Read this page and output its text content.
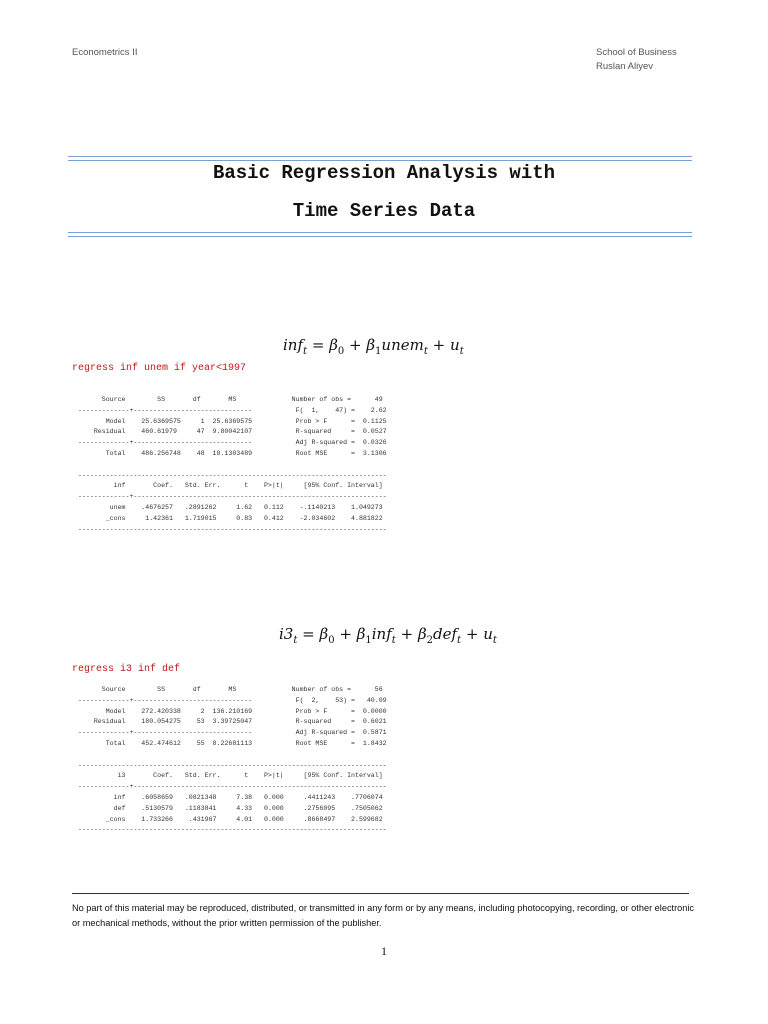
Econometrics II	School of Business
Ruslan Aliyev
Basic Regression Analysis with
Time Series Data
$inf_t = \beta_0$ + $\beta_1unem_t + u_t$
regress inf unem if year<1997
Source        SS       df       MS              Number of obs =      49
-------------+------------------------------           F(  1,    47) =    2.62
Model    25.6369575     1  25.6369575           Prob > F      =  0.1125
Residual    460.61979     47  9.80042107           R-squared     =  0.0527
-------------+------------------------------           Adj R-squared =  0.0326
Total    486.256748    48  10.1303489           Root MSE      =  3.1306

------------------------------------------------------------------------------
inf       Coef.   Std. Err.      t    P>|t|     [95% Conf. Interval]
-------------+----------------------------------------------------------------
unem    .4676257   .2891262     1.62   0.112    -.1140213    1.049273
_cons     1.42361   1.719015     0.83   0.412    -2.034602    4.881822
------------------------------------------------------------------------------
$i3_t = \beta_0 + \beta_1inf_t + \beta_2def_t + u_t$
regress i3 inf def
Source        SS       df       MS              Number of obs =      56
-------------+------------------------------           F(  2,    53) =   40.09
Model    272.420338     2  136.210169           Prob > F      =  0.0000
Residual    180.054275    53  3.39725047           R-squared     =  0.6021
-------------+------------------------------           Adj R-squared =  0.5871
Total    452.474612    55  8.22681113           Root MSE      =  1.8432

------------------------------------------------------------------------------
i3       Coef.   Std. Err.      t    P>|t|     [95% Conf. Interval]
-------------+----------------------------------------------------------------
inf    .6058659   .0821348     7.38   0.000     .4411243    .7706074
def    .5130579   .1183841     4.33   0.000     .2756095    .7505062
_cons    1.733266    .431967     4.01   0.000     .8668497    2.599682
------------------------------------------------------------------------------
No part of this material may be reproduced, distributed, or transmitted in any form or by any means, including photocopying, recording, or other electronic or mechanical methods, without the prior written permission of the publisher.
1
